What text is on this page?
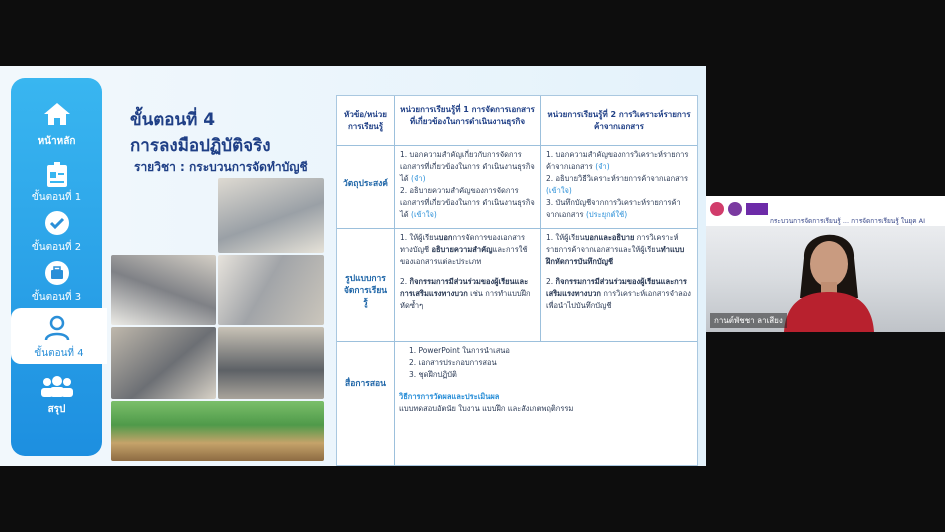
หน้าหลัก
ขั้นตอนที่ 1
ขั้นตอนที่ 2
ขั้นตอนที่ 3
ขั้นตอนที่ 4
สรุป
ขั้นตอนที่ 4
การลงมือปฏิบัติจริง
รายวิชา : กระบวนการจัดทำบัญชี
หัวข้อ/หน่วยการเรียนรู้
หน่วยการเรียนรู้ที่ 1 การจัดการเอกสารที่เกี่ยวข้องในการดำเนินงานธุรกิจ
หน่วยการเรียนรู้ที่ 2 การวิเคราะห์รายการค้าจากเอกสาร
วัตถุประสงค์
1. บอกความสำคัญเกี่ยวกับการจัดการเอกสารที่เกี่ยวข้องในการ ดำเนินงานธุรกิจได้ (จำ)
2. อธิบายความสำคัญของการจัดการเอกสารที่เกี่ยวข้องในการ ดำเนินงานธุรกิจได้ (เข้าใจ)
1. บอกความสำคัญของการวิเคราะห์รายการค้าจากเอกสาร (จำ)
2. อธิบายวิธีวิเคราะห์รายการค้าจากเอกสาร (เข้าใจ)
3. บันทึกบัญชีจากการวิเคราะห์รายการค้าจากเอกสาร (ประยุกต์ใช้)
รูปแบบการจัดการเรียนรู้
1. ให้ผู้เรียนบอกการจัดการของเอกสารทางบัญชี อธิบายความสำคัญและการใช้ของเอกสารแต่ละประเภท
2. กิจกรรมการมีส่วนร่วมของผู้เรียนและการเสริมแรงทางบวก เช่น การทำแบบฝึกหัดซ้ำๆ
1. ให้ผู้เรียนบอกและอธิบาย การวิเคราะห์รายการค้าจากเอกสารและให้ผู้เรียนทำแบบฝึกหัดการบันทึกบัญชี
2. กิจกรรมการมีส่วนร่วมของผู้เรียนและการเสริมแรงทางบวก การวิเคราะห์เอกสารจำลองเพื่อนำไปบันทึกบัญชี
สื่อการสอน
1. PowerPoint ในการนำเสนอ
2. เอกสารประกอบการสอน
3. ชุดฝึกปฏิบัติ
วิธีการการวัดผลและประเมินผล
แบบทดสอบอัตนัย ใบงาน แบบฝึก และสังเกตพฤติกรรม
กระบวนการจัดการเรียนรู้ ... การจัดการเรียนรู้ ในยุค AI
กานต์พัชชา ลาเสียง
